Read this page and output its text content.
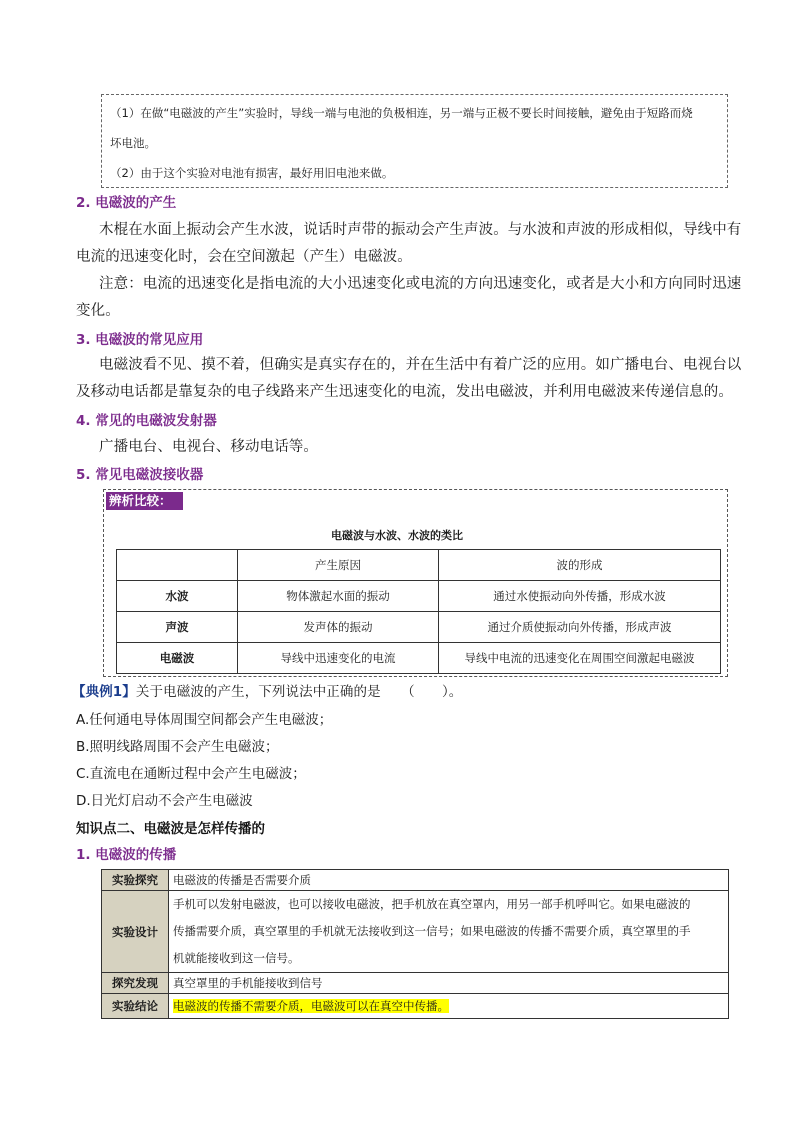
（1）在做“电磁波的产生”实验时，导线一端与电池的负极相连，另一端与正极不要长时间接触，避免由于短路而烧
坏电池。
（2）由于这个实验对电池有损害，最好用旧电池来做。
2. 电磁波的产生
木棍在水面上振动会产生水波，说话时声带的振动会产生声波。与水波和声波的形成相似，导线中有
电流的迅速变化时，会在空间激起（产生）电磁波。
注意：电流的迅速变化是指电流的大小迅速变化或电流的方向迅速变化，或者是大小和方向同时迅速
变化。
3. 电磁波的常见应用
电磁波看不见、摸不着，但确实是真实存在的，并在生活中有着广泛的应用。如广播电台、电视台以
及移动电话都是靠复杂的电子线路来产生迅速变化的电流，发出电磁波，并利用电磁波来传递信息的。
4. 常见的电磁波发射器
广播电台、电视台、移动电话等。
5. 常见电磁波接收器
辨析比较：
电磁波与水波、水波的类比
	产生原因	波的形成
水波	物体激起水面的振动	通过水使振动向外传播，形成水波
声波	发声体的振动	通过介质使振动向外传播，形成声波
电磁波	导线中迅速变化的电流	导线中电流的迅速变化在周围空间激起电磁波
【典例1】关于电磁波的产生，下列说法中正确的是　　（　　）。
A.任何通电导体周围空间都会产生电磁波；
B.照明线路周围不会产生电磁波；
C.直流电在通断过程中会产生电磁波；
D.日光灯启动不会产生电磁波
知识点二、电磁波是怎样传播的
1. 电磁波的传播
实验探究	电磁波的传播是否需要介质
实验设计	手机可以发射电磁波，也可以接收电磁波，把手机放在真空罩内，用另一部手机呼叫它。如果电磁波的
传播需要介质，真空罩里的手机就无法接收到这一信号；如果电磁波的传播不需要介质，真空罩里的手
机就能接收到这一信号。

探究发现	真空罩里的手机能接收到信号
实验结论	电磁波的传播不需要介质，电磁波可以在真空中传播。
